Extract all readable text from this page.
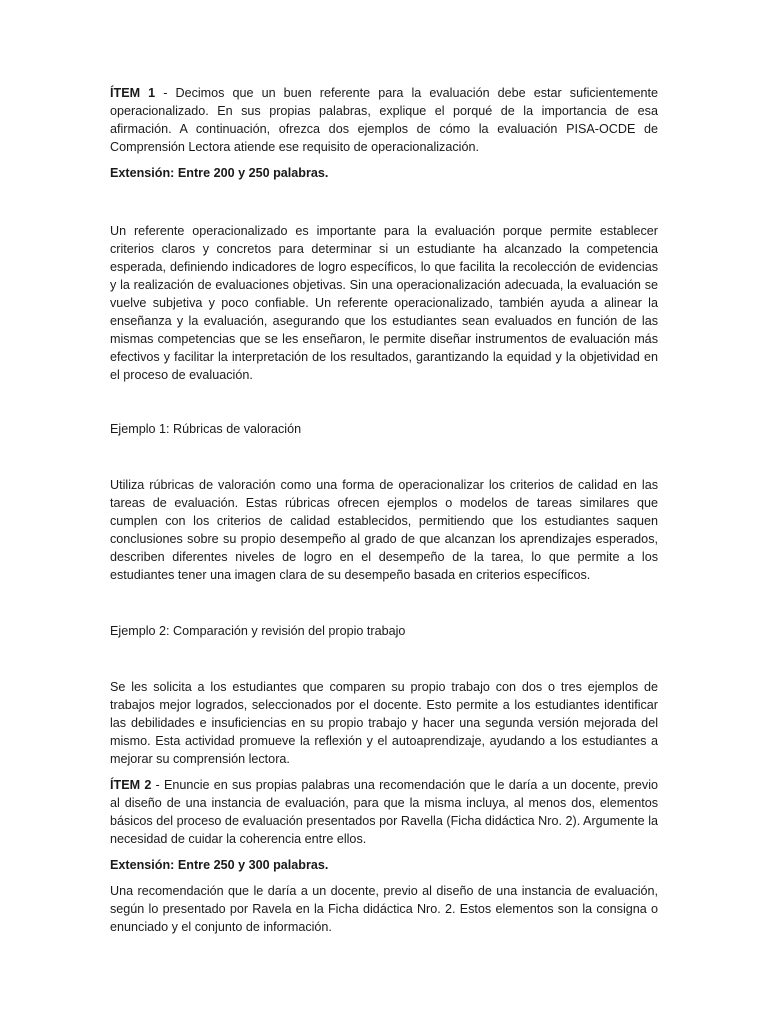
ÍTEM 1 - Decimos que un buen referente para la evaluación debe estar suficientemente operacionalizado. En sus propias palabras, explique el porqué de la importancia de esa afirmación. A continuación, ofrezca dos ejemplos de cómo la evaluación PISA-OCDE de Comprensión Lectora atiende ese requisito de operacionalización.

Extensión: Entre 200 y 250 palabras.

Un referente operacionalizado es importante para la evaluación porque permite establecer criterios claros y concretos para determinar si un estudiante ha alcanzado la competencia esperada, definiendo indicadores de logro específicos, lo que facilita la recolección de evidencias y la realización de evaluaciones objetivas. Sin una operacionalización adecuada, la evaluación se vuelve subjetiva y poco confiable. Un referente operacionalizado, también ayuda a alinear la enseñanza y la evaluación, asegurando que los estudiantes sean evaluados en función de las mismas competencias que se les enseñaron, le permite diseñar instrumentos de evaluación más efectivos y facilitar la interpretación de los resultados, garantizando la equidad y la objetividad en el proceso de evaluación.

Ejemplo 1: Rúbricas de valoración

Utiliza rúbricas de valoración como una forma de operacionalizar los criterios de calidad en las tareas de evaluación. Estas rúbricas ofrecen ejemplos o modelos de tareas similares que cumplen con los criterios de calidad establecidos, permitiendo que los estudiantes saquen conclusiones sobre su propio desempeño al grado de que alcanzan los aprendizajes esperados, describen diferentes niveles de logro en el desempeño de la tarea, lo que permite a los estudiantes tener una imagen clara de su desempeño basada en criterios específicos.

Ejemplo 2: Comparación y revisión del propio trabajo

Se les solicita a los estudiantes que comparen su propio trabajo con dos o tres ejemplos de trabajos mejor logrados, seleccionados por el docente. Esto permite a los estudiantes identificar las debilidades e insuficiencias en su propio trabajo y hacer una segunda versión mejorada del mismo. Esta actividad promueve la reflexión y el autoaprendizaje, ayudando a los estudiantes a mejorar su comprensión lectora.

ÍTEM 2 - Enuncie en sus propias palabras una recomendación que le daría a un docente, previo al diseño de una instancia de evaluación, para que la misma incluya, al menos dos, elementos básicos del proceso de evaluación presentados por Ravella (Ficha didáctica Nro. 2). Argumente la necesidad de cuidar la coherencia entre ellos.

Extensión: Entre 250 y 300 palabras.

Una recomendación que le daría a un docente, previo al diseño de una instancia de evaluación, según lo presentado por Ravela en la Ficha didáctica Nro. 2. Estos elementos son la consigna o enunciado y el conjunto de información.
